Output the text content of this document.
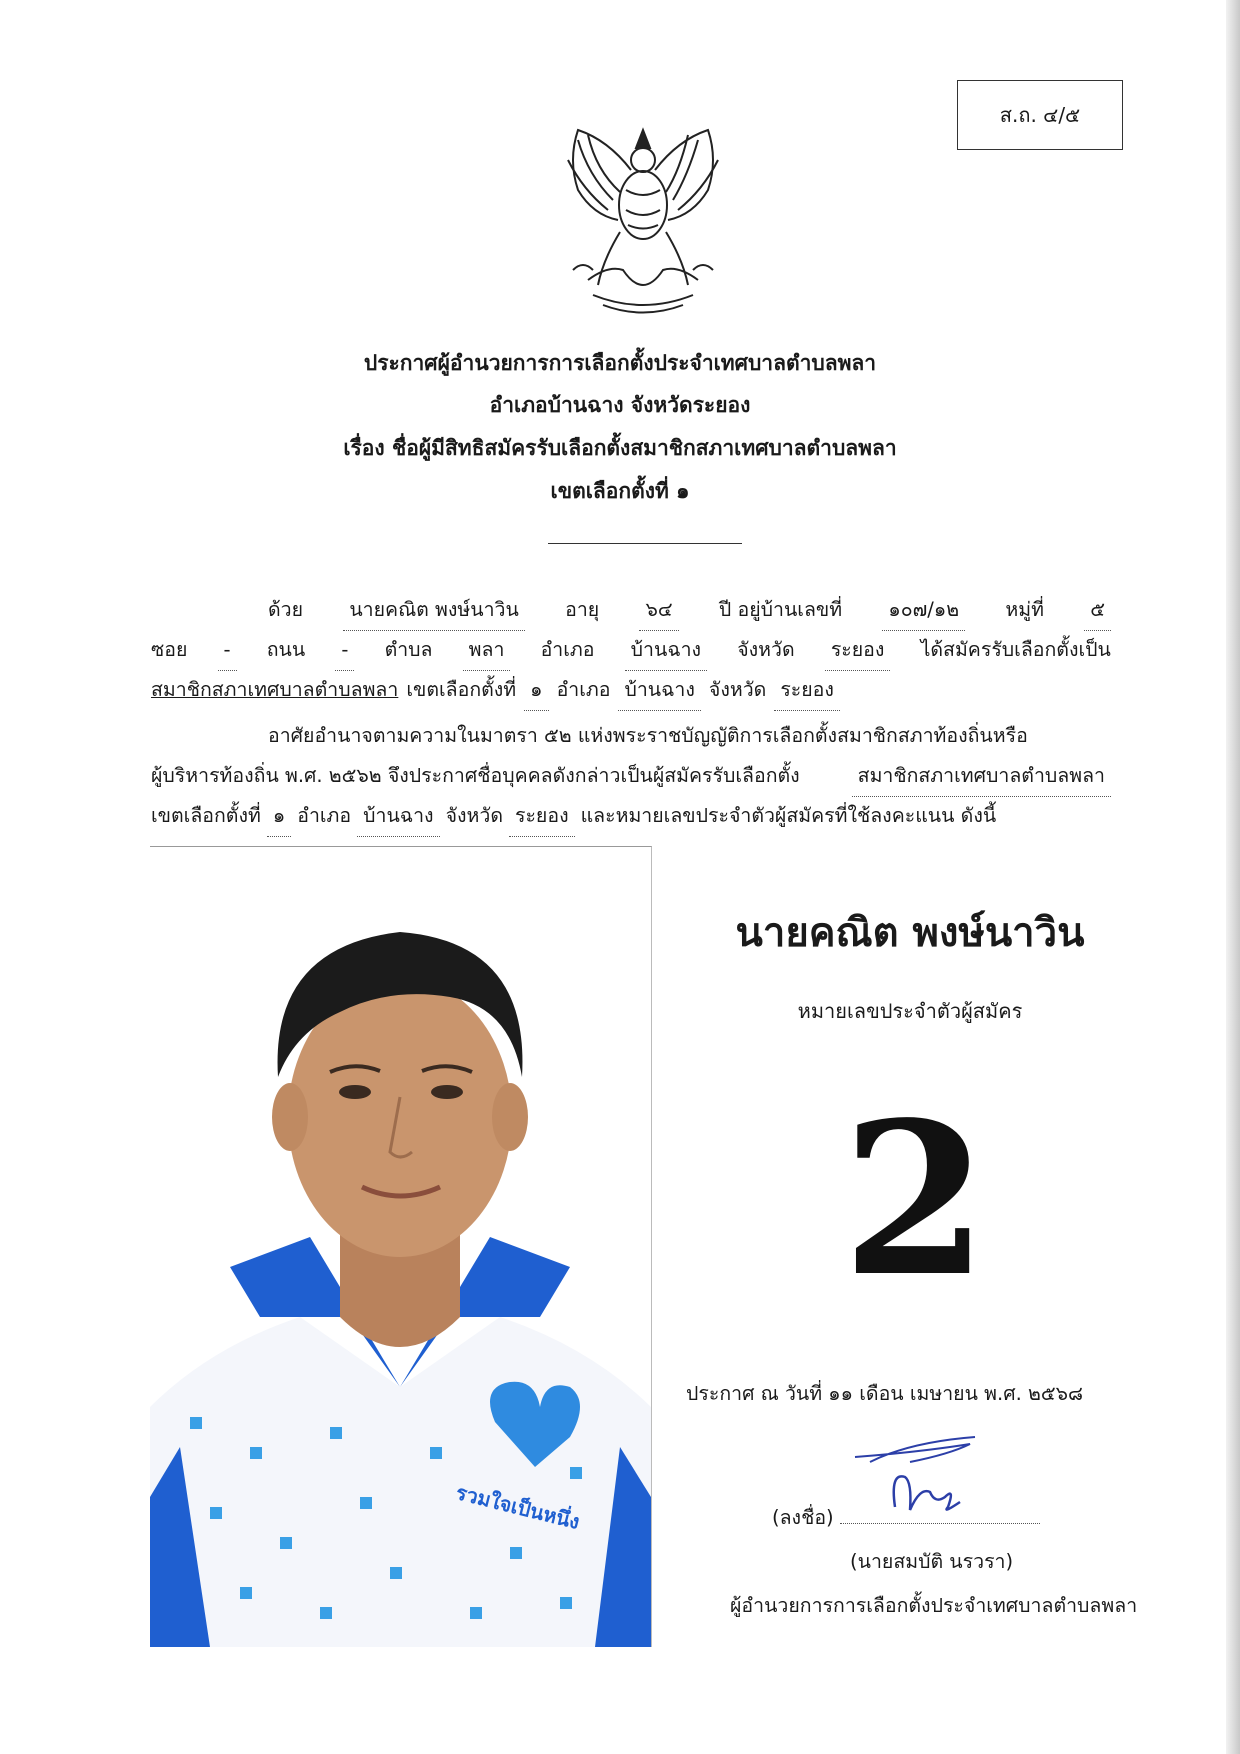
ส.ถ. ๔/๕
ประกาศผู้อำนวยการการเลือกตั้งประจำเทศบาลตำบลพลา
อำเภอบ้านฉาง จังหวัดระยอง
เรื่อง ชื่อผู้มีสิทธิสมัครรับเลือกตั้งสมาชิกสภาเทศบาลตำบลพลา
เขตเลือกตั้งที่ ๑
ด้วย	นายคณิต พงษ์นาวิน	อายุ	๖๔	ปี อยู่บ้านเลขที่	๑๐๗/๑๒	หมู่ที่	๕
ซอย	-	ถนน	-	ตำบล	พลา	อำเภอ	บ้านฉาง	จังหวัด	ระยอง	ได้สมัครรับเลือกตั้งเป็น
สมาชิกสภาเทศบาลตำบลพลา เขตเลือกตั้งที่ ๑ อำเภอ บ้านฉาง จังหวัด ระยอง
อาศัยอำนาจตามความในมาตรา ๕๒ แห่งพระราชบัญญัติการเลือกตั้งสมาชิกสภาท้องถิ่นหรือ
ผู้บริหารท้องถิ่น พ.ศ. ๒๕๖๒ จึงประกาศชื่อบุคคลดังกล่าวเป็นผู้สมัครรับเลือกตั้ง	สมาชิกสภาเทศบาลตำบลพลา
เขตเลือกตั้งที่ ๑ อำเภอ บ้านฉาง จังหวัด ระยอง และหมายเลขประจำตัวผู้สมัครที่ใช้ลงคะแนน ดังนี้
รวมใจเป็นหนึ่ง
นายคณิต พงษ์นาวิน
หมายเลขประจำตัวผู้สมัคร
2
ประกาศ ณ วันที่ ๑๑ เดือน เมษายน พ.ศ. ๒๕๖๘
(ลงชื่อ)
(นายสมบัติ นรวรา)
ผู้อำนวยการการเลือกตั้งประจำเทศบาลตำบลพลา
